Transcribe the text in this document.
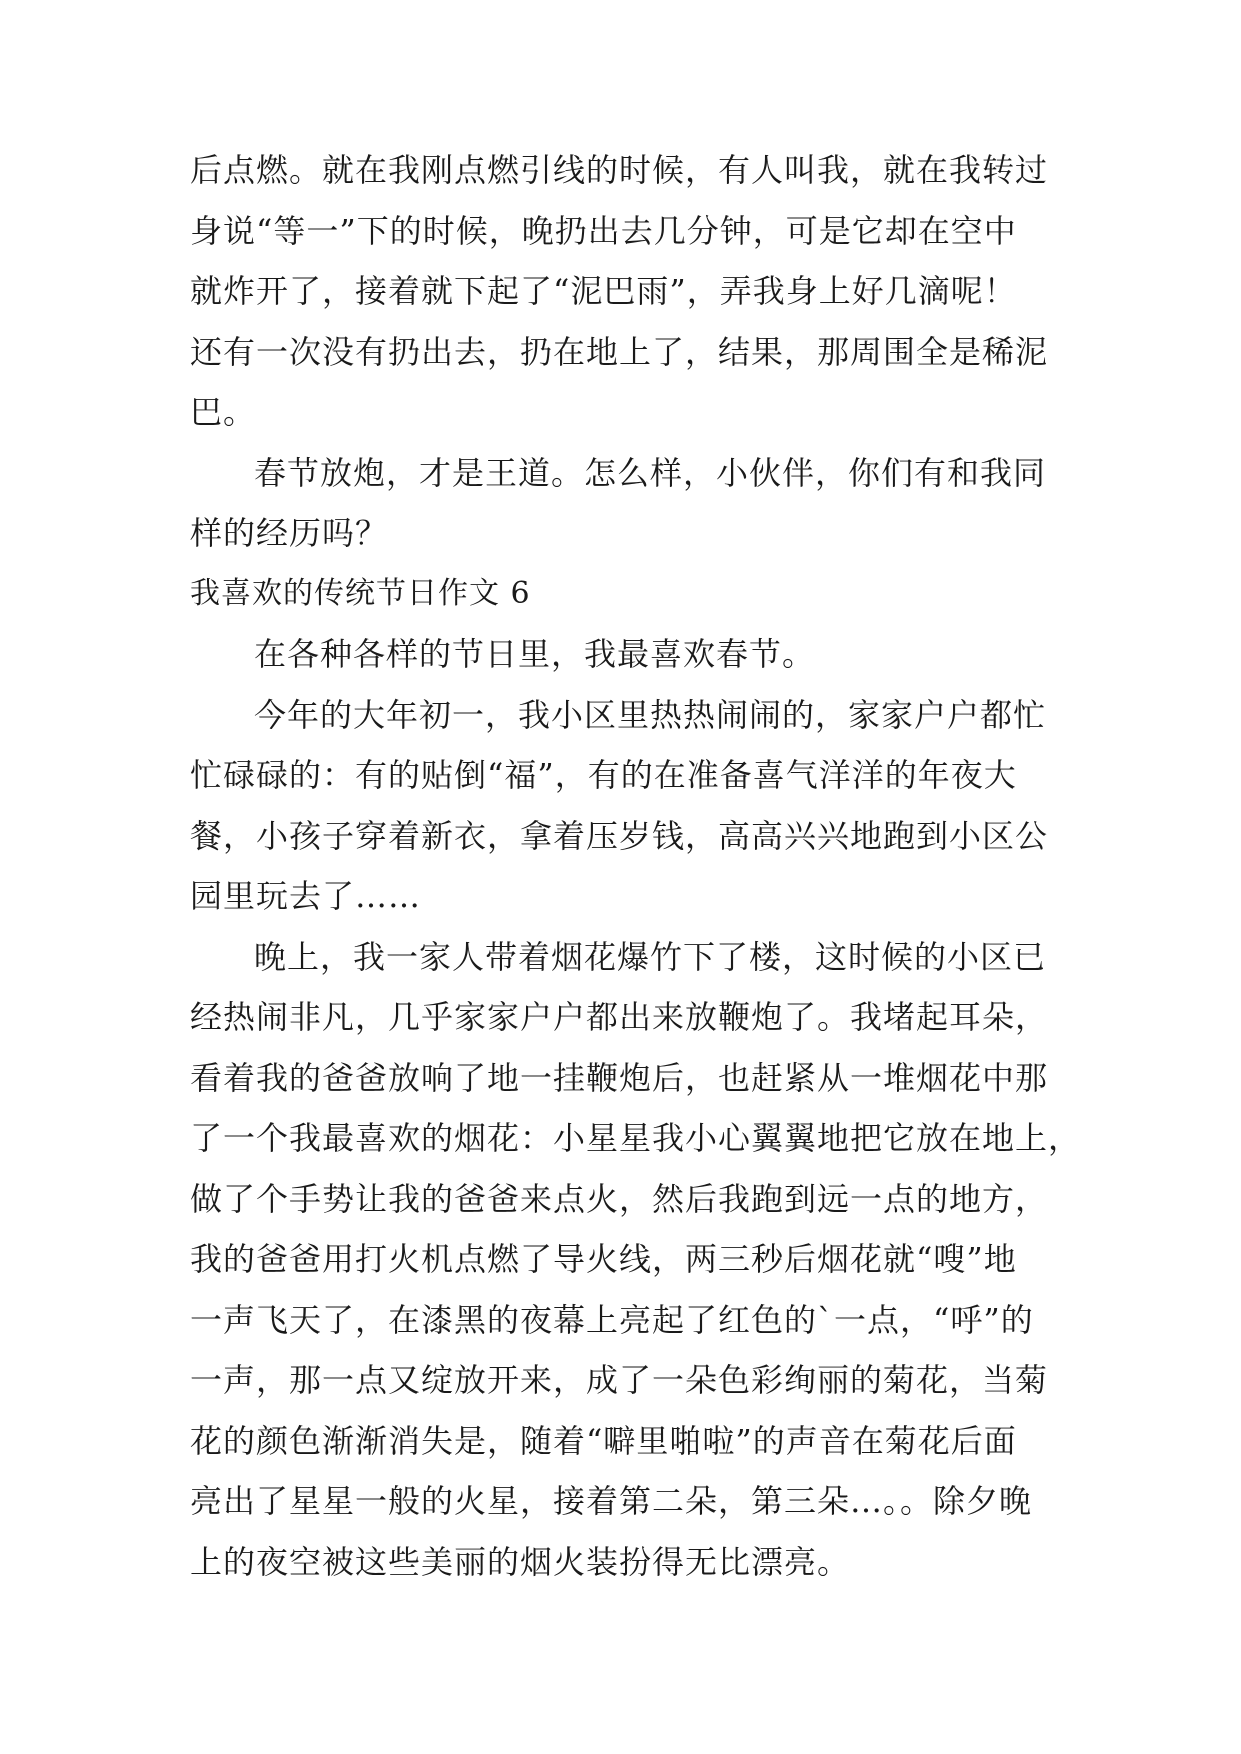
后点燃。就在我刚点燃引线的时候，有人叫我，就在我转过
身说“等一”下的时候，晚扔出去几分钟，可是它却在空中
就炸开了，接着就下起了“泥巴雨”，弄我身上好几滴呢！
还有一次没有扔出去，扔在地上了，结果，那周围全是稀泥
巴。
春节放炮，才是王道。怎么样，小伙伴，你们有和我同
样的经历吗？
我喜欢的传统节日作文 6
在各种各样的节日里，我最喜欢春节。
今年的大年初一，我小区里热热闹闹的，家家户户都忙
忙碌碌的：有的贴倒“福”，有的在准备喜气洋洋的年夜大
餐，小孩子穿着新衣，拿着压岁钱，高高兴兴地跑到小区公
园里玩去了……
晚上，我一家人带着烟花爆竹下了楼，这时候的小区已
经热闹非凡，几乎家家户户都出来放鞭炮了。我堵起耳朵，
看着我的爸爸放响了地一挂鞭炮后，也赶紧从一堆烟花中那
了一个我最喜欢的烟花：小星星我小心翼翼地把它放在地上，
做了个手势让我的爸爸来点火，然后我跑到远一点的地方，
我的爸爸用打火机点燃了导火线，两三秒后烟花就“嗖”地
一声飞天了，在漆黑的夜幕上亮起了红色的`一点，“呼”的
一声，那一点又绽放开来，成了一朵色彩绚丽的菊花，当菊
花的颜色渐渐消失是，随着“噼里啪啦”的声音在菊花后面
亮出了星星一般的火星，接着第二朵，第三朵…。。除夕晚
上的夜空被这些美丽的烟火装扮得无比漂亮。
